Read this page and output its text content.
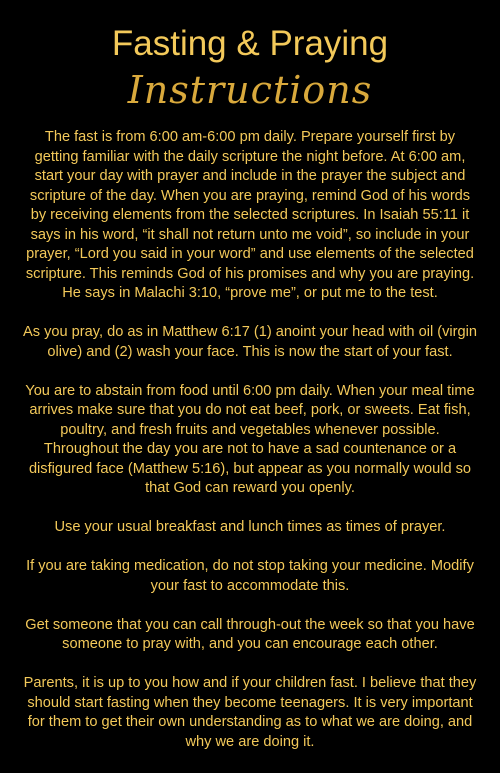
Fasting & Praying
Instructions

The fast is from 6:00 am-6:00 pm daily. Prepare yourself first by getting familiar with the daily scripture the night before. At 6:00 am, start your day with prayer and include in the prayer the subject and scripture of the day. When you are praying, remind God of his words by receiving elements from the selected scriptures. In Isaiah 55:11 it says in his word, “it shall not return unto me void”, so include in your prayer, “Lord you said in your word” and use elements of the selected scripture. This reminds God of his promises and why you are praying. He says in Malachi 3:10, “prove me”, or put me to the test.

As you pray, do as in Matthew 6:17 (1) anoint your head with oil (virgin olive) and (2) wash your face. This is now the start of your fast.

You are to abstain from food until 6:00 pm daily. When your meal time arrives make sure that you do not eat beef, pork, or sweets. Eat fish, poultry, and fresh fruits and vegetables whenever possible. Throughout the day you are not to have a sad countenance or a disfigured face (Matthew 5:16), but appear as you normally would so that God can reward you openly.

Use your usual breakfast and lunch times as times of prayer.

If you are taking medication, do not stop taking your medicine. Modify your fast to accommodate this.

Get someone that you can call through-out the week so that you have someone to pray with, and you can encourage each other.

Parents, it is up to you how and if your children fast. I believe that they should start fasting when they become teenagers. It is very important for them to get their own understanding as to what we are doing, and why we are doing it.
